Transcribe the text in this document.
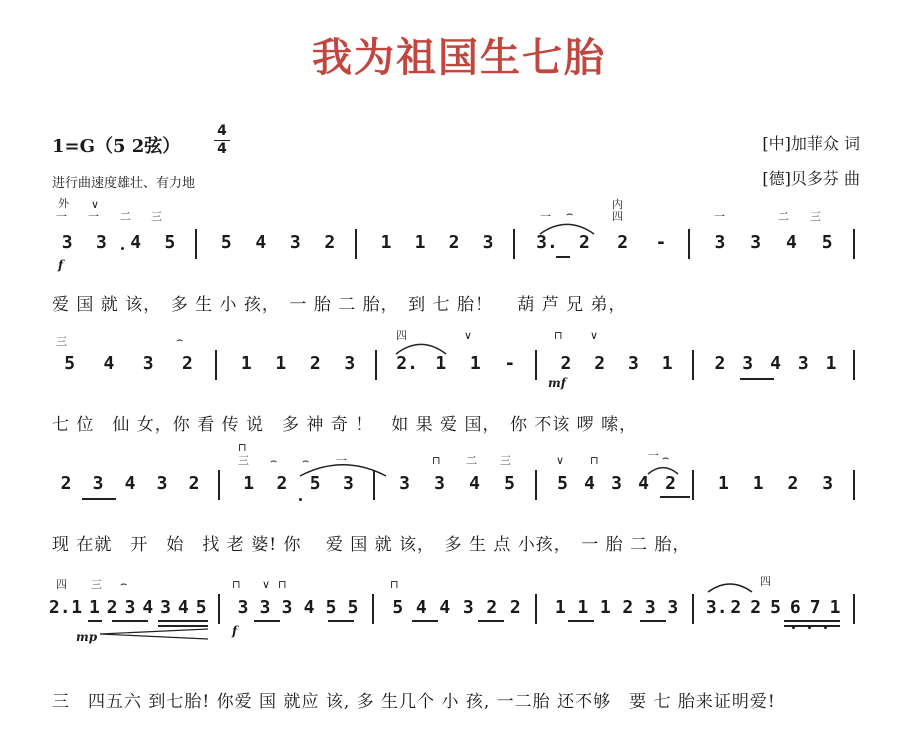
我为祖国生七胎
1=G（5 2弦）
4
4
进行曲速度雄壮、有力地
[中]加菲众 词
[德]贝多芬 曲
3 3 4 5	5 4 3 2	1 1 2 3 3. 2 2 -	3 3 4 5
爱 国 就 该，　多 生 小 孩，　一 胎 二 胎，　到 七 胎！　 葫 芦 兄 弟，
5 4 3 2	1 1 2 3 2. 1 1 -	2 2 3 1 2 3 4 3 1
七 位　仙 女，你 看 传 说　多 神 奇 ！　如 果 爱 国，　你 不该 啰 嗦，
2 3 4 3 2 1 2 5 3	3 3 4 5 5 4 3 4 2 1 1 2 3
现 在就　开　始　找 老 婆! 你　 爱 国 就 该，　多 生 点 小孩，　一 胎 二 胎，
2. 1 1 2 3 4 3 4 5 3 3 3 4 5 5 5 4 4 3 2 2 1 1 1 2 3 3 3. 2 2 5 6 7 1
三　四五六 到七胎! 你爱 国 就应 该, 多 生几个 小 孩, 一二胎 还不够　要 七 胎来证明爱!
外 ∨
一
一	二 三	一 ⌢
内
四	一	二 三
三	⌢	四	∨	⊓ ∨
⊓
三 ⌢ ⌢ 一	⊓ 二 三	∨ ⊓	一 ⌢
四 三 ⌢	⊓ ∨ ⊓	⊓	四
f
mf
mp	f
